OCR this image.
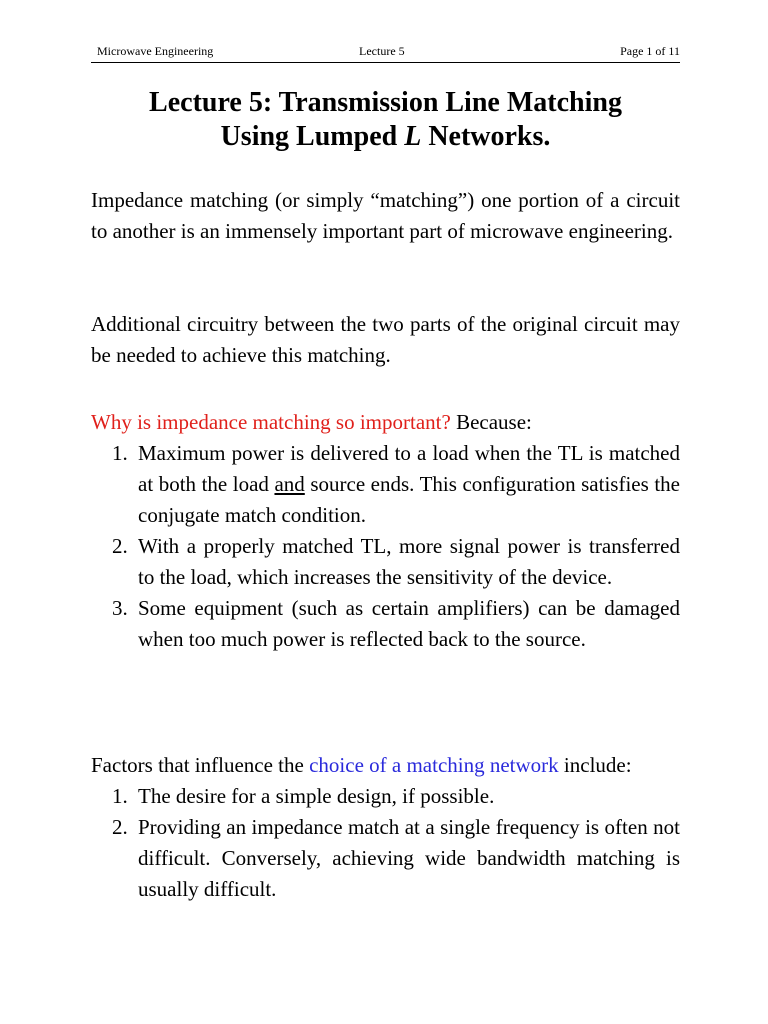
Microwave Engineering	Lecture 5	Page 1 of 11
Lecture 5: Transmission Line Matching
Using Lumped L Networks.
Impedance matching (or simply “matching”) one portion of a circuit to another is an immensely important part of microwave engineering.
Additional circuitry between the two parts of the original circuit may be needed to achieve this matching.
Why is impedance matching so important? Because:
1. Maximum power is delivered to a load when the TL is matched at both the load and source ends. This configuration satisfies the conjugate match condition.
2. With a properly matched TL, more signal power is transferred to the load, which increases the sensitivity of the device.
3. Some equipment (such as certain amplifiers) can be damaged when too much power is reflected back to the source.
Factors that influence the choice of a matching network include:
1. The desire for a simple design, if possible.
2. Providing an impedance match at a single frequency is often not difficult. Conversely, achieving wide bandwidth matching is usually difficult.
